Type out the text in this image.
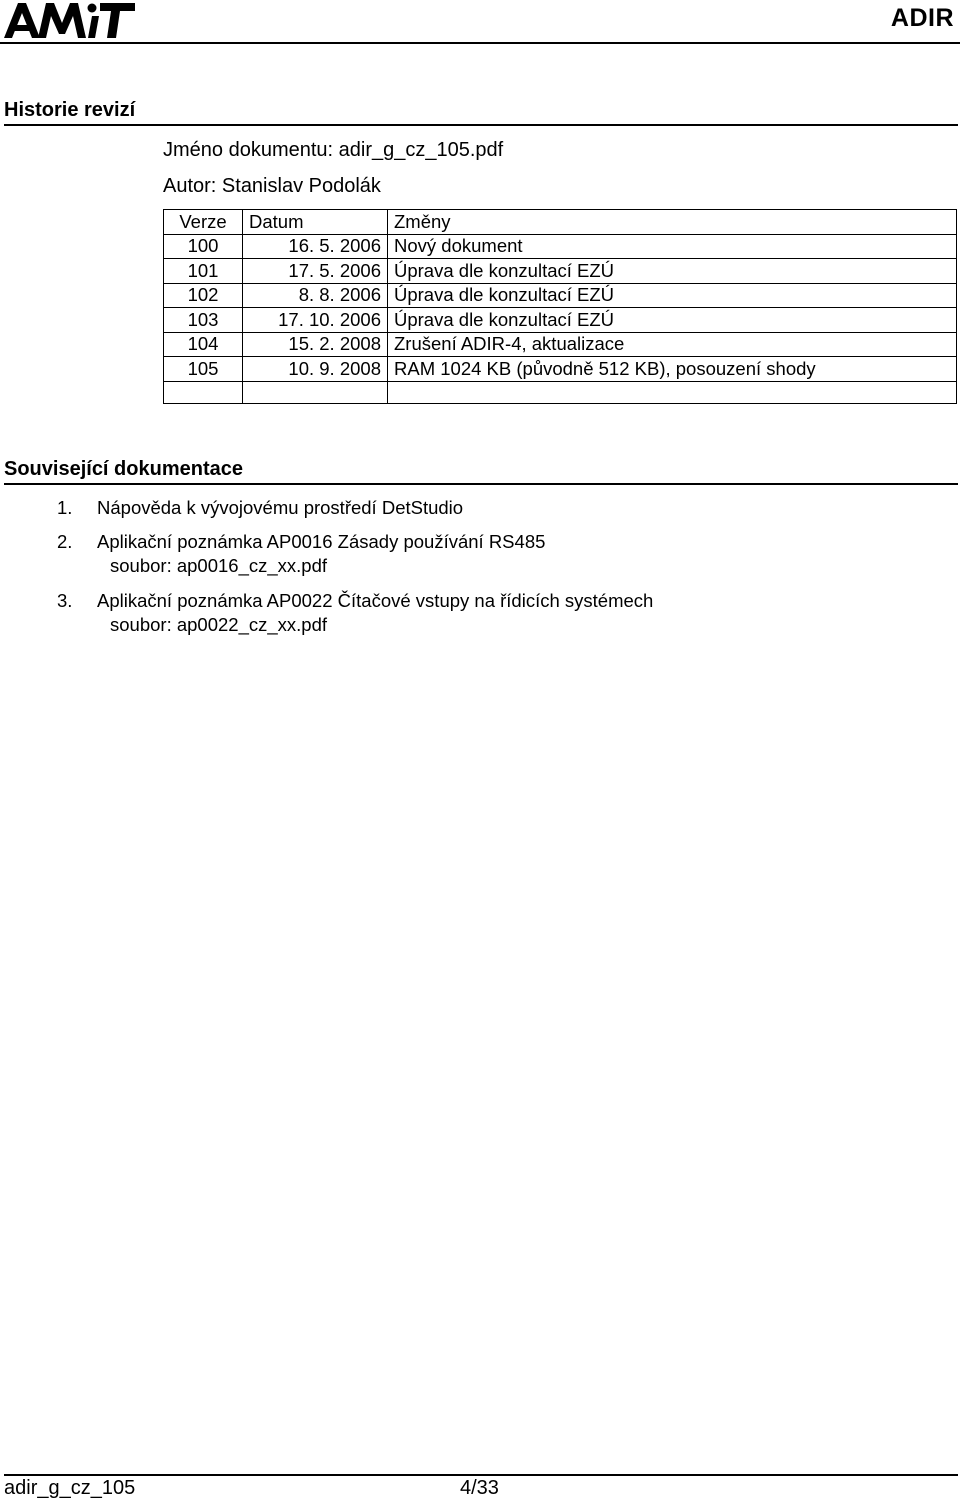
ADIR
Historie revizí
Jméno dokumentu: adir_g_cz_105.pdf
Autor: Stanislav Podolák
Verze	Datum	Změny
100	16. 5. 2006	Nový dokument
101	17. 5. 2006	Úprava dle konzultací EZÚ
102	8. 8. 2006	Úprava dle konzultací EZÚ
103	17. 10. 2006	Úprava dle konzultací EZÚ
104	15. 2. 2008	Zrušení ADIR-4, aktualizace
105	10. 9. 2008	RAM 1024 KB (původně 512 KB), posouzení shody

Související dokumentace
1. Nápověda k vývojovému prostředí DetStudio
2. Aplikační poznámka AP0016 Zásady používání RS485
soubor: ap0016_cz_xx.pdf
3. Aplikační poznámka AP0022 Čítačové vstupy na řídicích systémech
soubor: ap0022_cz_xx.pdf
adir_g_cz_105	4/33
